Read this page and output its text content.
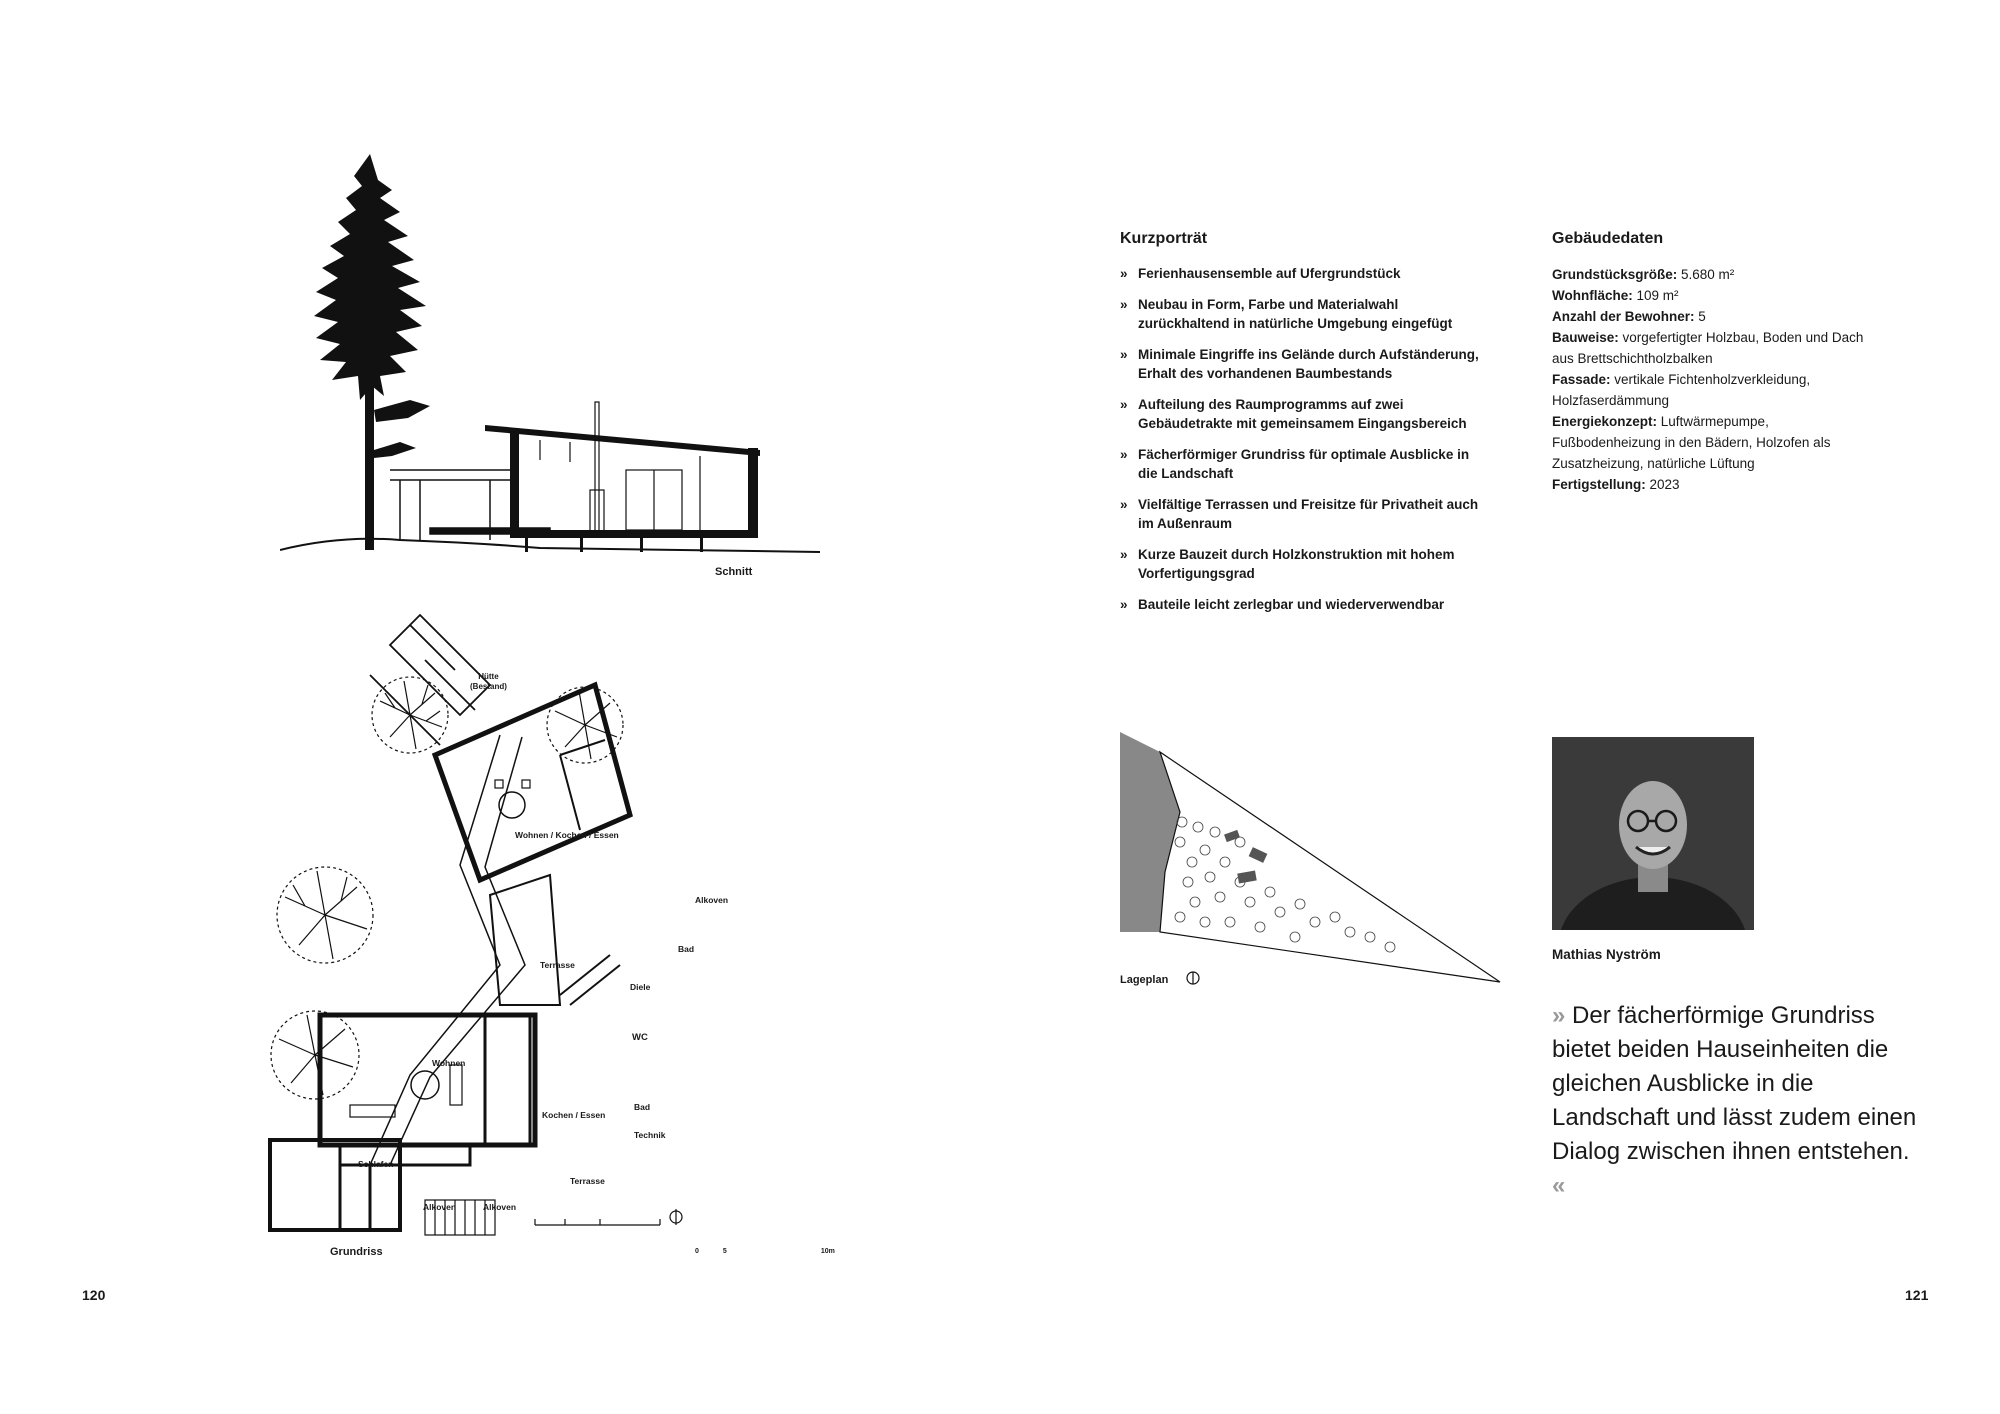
Schnitt
Hütte
(Bestand)
Wohnen / Kochen / Essen
Alkoven
Bad
Terrasse
Diele
WC
Wohnen
Kochen / Essen
Bad
Technik
Schlafen
Alkoven	Alkoven
Terrasse
0	5	10m
Grundriss
120
Kurzporträt
» Ferienhausensemble auf Ufergrundstück
» Neubau in Form, Farbe und Materialwahl zurückhaltend in natürliche Umgebung eingefügt
» Minimale Eingriffe ins Gelände durch Aufständerung, Erhalt des vorhandenen Baumbestands
» Aufteilung des Raumprogramms auf zwei Gebäudetrakte mit gemeinsamem Eingangsbereich
» Fächerförmiger Grundriss für optimale Ausblicke in die Landschaft
» Vielfältige Terrassen und Freisitze für Privatheit auch im Außenraum
» Kurze Bauzeit durch Holzkonstruktion mit hohem Vorfertigungsgrad
» Bauteile leicht zerlegbar und wiederverwendbar
Gebäudedaten

Grundstücksgröße: 5.680 m²

Wohnfläche: 109 m²

Anzahl der Bewohner: 5

Bauweise: vorgefertigter Holzbau, Boden und Dach aus Brettschichtholzbalken

Fassade: vertikale Fichtenholzverkleidung, Holzfaserdämmung

Energiekonzept: Luftwärmepumpe, Fußbodenheizung in den Bädern, Holzofen als Zusatzheizung, natürliche Lüftung

Fertigstellung: 2023

Lageplan
Mathias Nyström
» Der fächerförmige Grundriss bietet beiden Hauseinheiten die gleichen Ausblicke in die Landschaft und lässt zudem einen Dialog zwischen ihnen entstehen. «
121
